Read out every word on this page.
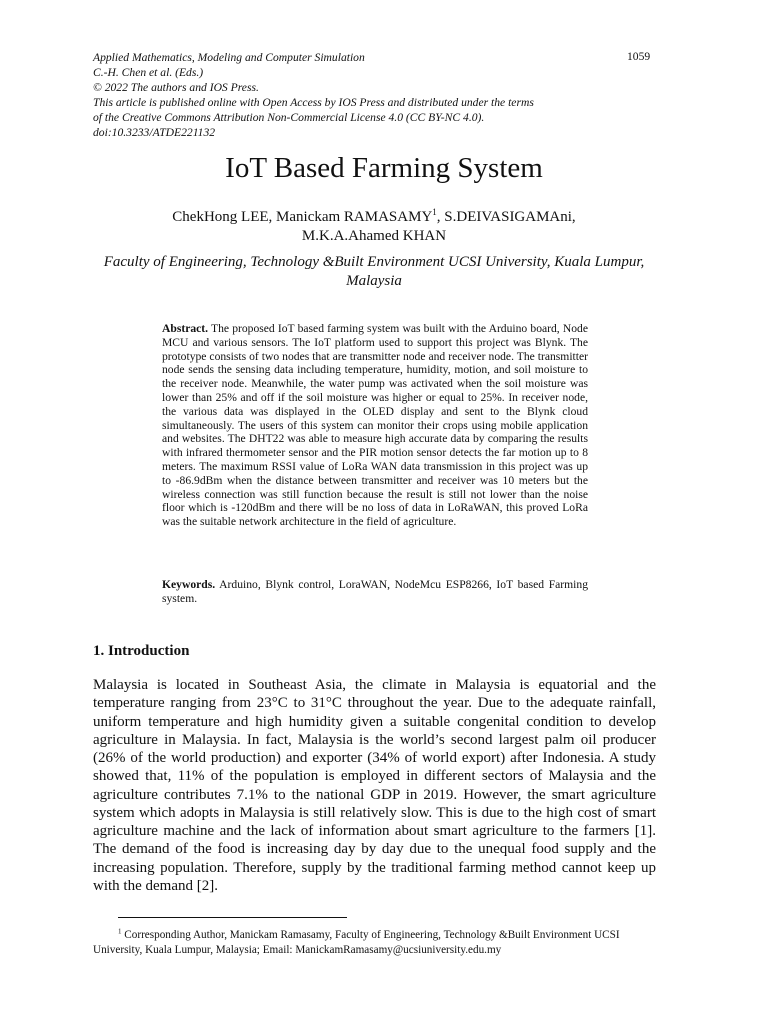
Applied Mathematics, Modeling and Computer Simulation
C.-H. Chen et al. (Eds.)
© 2022 The authors and IOS Press.
This article is published online with Open Access by IOS Press and distributed under the terms
of the Creative Commons Attribution Non-Commercial License 4.0 (CC BY-NC 4.0).
doi:10.3233/ATDE221132
1059
IoT Based Farming System
ChekHong LEE, Manickam RAMASAMY$^1$, S.DEIVASIGAMAni,
M.K.A.Ahamed KHAN
Faculty of Engineering, Technology &Built Environment UCSI University, Kuala Lumpur, Malaysia
Abstract. The proposed IoT based farming system was built with the Arduino board, Node MCU and various sensors. The IoT platform used to support this project was Blynk. The prototype consists of two nodes that are transmitter node and receiver node. The transmitter node sends the sensing data including temperature, humidity, motion, and soil moisture to the receiver node. Meanwhile, the water pump was activated when the soil moisture was lower than 25% and off if the soil moisture was higher or equal to 25%. In receiver node, the various data was displayed in the OLED display and sent to the Blynk cloud simultaneously. The users of this system can monitor their crops using mobile application and websites. The DHT22 was able to measure high accurate data by comparing the results with infrared thermometer sensor and the PIR motion sensor detects the far motion up to 8 meters. The maximum RSSI value of LoRa WAN data transmission in this project was up to -86.9dBm when the distance between transmitter and receiver was 10 meters but the wireless connection was still function because the result is still not lower than the noise floor which is -120dBm and there will be no loss of data in LoRaWAN, this proved LoRa was the suitable network architecture in the field of agriculture.
Keywords. Arduino, Blynk control, LoraWAN, NodeMcu ESP8266, IoT based Farming system.
1. Introduction
Malaysia is located in Southeast Asia, the climate in Malaysia is equatorial and the temperature ranging from 23°C to 31°C throughout the year. Due to the adequate rainfall, uniform temperature and high humidity given a suitable congenital condition to develop agriculture in Malaysia. In fact, Malaysia is the world’s second largest palm oil producer (26% of the world production) and exporter (34% of world export) after Indonesia. A study showed that, 11% of the population is employed in different sectors of Malaysia and the agriculture contributes 7.1% to the national GDP in 2019. However, the smart agriculture system which adopts in Malaysia is still relatively slow. This is due to the high cost of smart agriculture machine and the lack of information about smart agriculture to the farmers [1]. The demand of the food is increasing day by day due to the unequal food supply and the increasing population. Therefore, supply by the traditional farming method cannot keep up with the demand [2].
$^1$ Corresponding Author, Manickam Ramasamy, Faculty of Engineering, Technology &Built Environment UCSI University, Kuala Lumpur, Malaysia; Email: ManickamRamasamy@ucsiuniversity.edu.my
